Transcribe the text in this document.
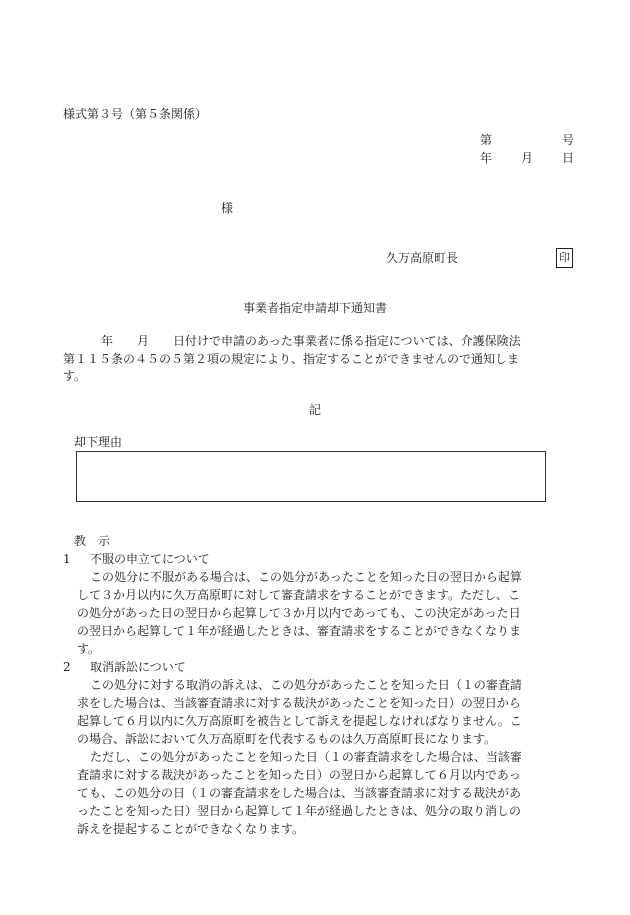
様式第３号（第５条関係）
第	号
年 月 日
様
久万高原町長	印
事業者指定申請却下通知書
年　　月　　日付けで申請のあった事業者に係る指定については、介護保険法
第１１５条の４５の５第２項の規定により、指定することができませんので通知しま
す。
記
却下理由
教　示
1 不服の申立てについて
この処分に不服がある場合は、この処分があったことを知った日の翌日から起算
して３か月以内に久万高原町に対して審査請求をすることができます。ただし、こ
の処分があった日の翌日から起算して３か月以内であっても、この決定があった日
の翌日から起算して１年が経過したときは、審査請求をすることができなくなりま
す。
2 取消訴訟について
この処分に対する取消の訴えは、この処分があったことを知った日（１の審査請
求をした場合は、当該審査請求に対する裁決があったことを知った日）の翌日から
起算して６月以内に久万高原町を被告として訴えを提起しなければなりません。こ
の場合、訴訟において久万高原町を代表するものは久万高原町長になります。
ただし、この処分があったことを知った日（１の審査請求をした場合は、当該審
査請求に対する裁決があったことを知った日）の翌日から起算して６月以内であっ
ても、この処分の日（１の審査請求をした場合は、当該審査請求に対する裁決があ
ったことを知った日）翌日から起算して１年が経過したときは、処分の取り消しの
訴えを提起することができなくなります。
